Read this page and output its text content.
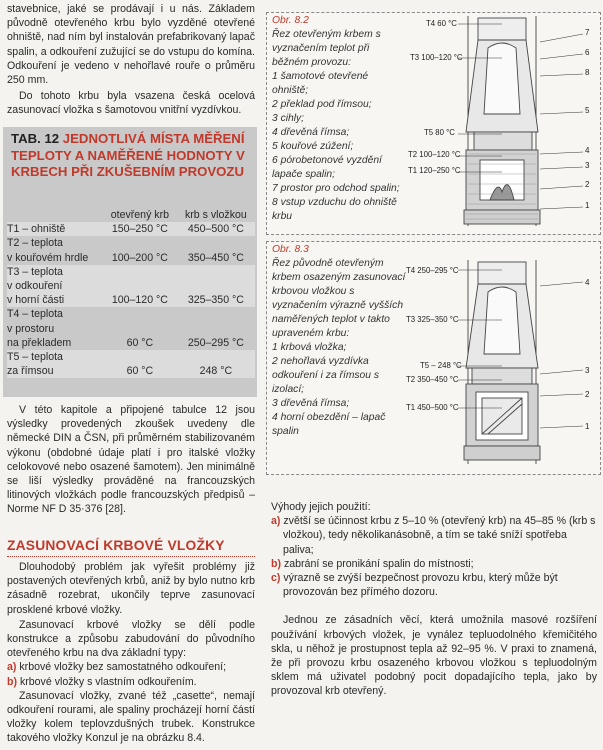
stavebnice, jaké se prodávají i u nás. Základem původně otevřeného krbu bylo vyzděné otevřené ohniště, nad ním byl instalován prefabrikovaný lapač spalin, a odkouření zužující se do vstupu do komína. Odkouření je vedeno v nehořlavé rouře o průměru 250 mm.

Do tohoto krbu byla vsazena česká ocelová zasunovací vložka s šamotovou vnitřní vyzdívkou.

TAB. 12 JEDNOTLIVÁ MÍSTA MĚŘENÍ TEPLOTY A NAMĚŘENÉ HODNOTY V KRBECH PŘI ZKUŠEBNÍM PROVOZU
	otevřený krb	krb s vložkou
T1 – ohniště	150–250 °C	450–500 °C
T2 – teplota
v kouřovém hrdle	100–200 °C	350–450 °C
T3 – teplota
v odkouření
v horní části	100–120 °C	325–350 °C
T4 – teplota
v prostoru
na překladem	60 °C	250–295 °C
T5 – teplota
za římsou	60 °C	248 °C

V této kapitole a připojené tabulce 12 jsou výsledky provedených zkoušek uvedeny dle německé DIN a ČSN, při průměrném stabilizovaném výkonu (obdobné údaje platí i pro italské vložky celokovové nebo osazené šamotem). Jen minimálně se liší výsledky prováděné na francouzských litinových vložkách podle francouzských předpisů – Norme NF D 35·376 [28].

ZASUNOVACÍ KRBOVÉ VLOŽKY

Dlouhodobý problém jak vyřešit problémy již postavených otevřených krbů, aniž by bylo nutno krb zásadně rozebrat, ukončily teprve zasunovací prosklené krbové vložky.

Zasunovací krbové vložky se dělí podle konstrukce a způsobu zabudování do původního otevřeného krbu na dva základní typy:

a) krbové vložky bez samostatného odkouření;

b) krbové vložky s vlastním odkouřením.

Zasunovací vložky, zvané též „casette“, nemají odkouření rourami, ale spaliny procházejí horní částí vložky kolem teplovzdušných trubek. Konstrukce takového vložky Konzul je na obrázku 8.4.

Obr. 8.2
Řez otevřeným krbem s vyznačením teplot při běžném provozu:
1 šamotové otevřené ohniště;
2 překlad pod římsou;
3 cihly;
4 dřevěná římsa;
5 kouřové zúžení;
6 pórobetonové vyzdění lapače spalin;
7 prostor pro odchod spalin;
8 vstup vzduchu do ohniště krbu
T4 60 °C
T3 100–120 °C
T5 80 °C
T2 100–120 °C
T1 120–250 °C
7
6
8
5
4
3
2
1
Obr. 8.3
Řez původně otevřeným krbem osazeným zasunovací krbovou vložkou s vyznačením výrazně vyšších naměřených teplot v takto upraveném krbu:
1 krbová vložka;
2 nehořlavá vyzdívka odkouření i za římsou s izolací;
3 dřevěná římsa;
4 horní obezdění – lapač spalin
T4 250–295 °C
T3 325–350 °C
T5 – 248 °C
T2 350–450 °C
T1 450–500 °C
4
3
2
1

Výhody jejich použití:

a) zvětší se účinnost krbu z 5–10 % (otevřený krb) na 45–85 % (krb s vložkou), tedy několikanásobně, a tím se také sníží spotřeba paliva;

b) zabrání se pronikání spalin do místnosti;

c) výrazně se zvýší bezpečnost provozu krbu, který může být provozován bez přímého dozoru.

Jednou ze zásadních věcí, která umožnila masové rozšíření používání krbových vložek, je vynález tepluodolného křemičitého skla, u něhož je prostupnost tepla až 92–95 %. V praxi to znamená, že při provozu krbu osazeného krbovou vložkou s tepluodolným sklem má uživatel podobný pocit dopadajícího tepla, jako by provozoval krb otevřený.
